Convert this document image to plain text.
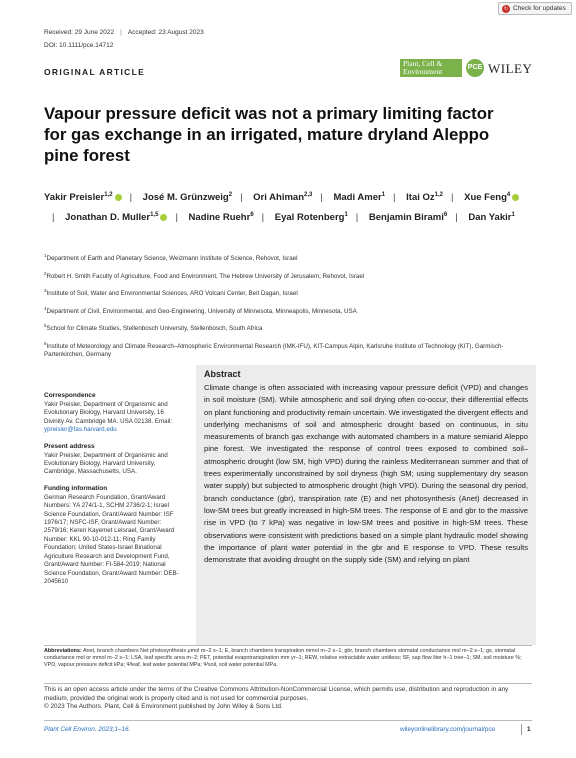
↻ Check for updates
Received: 29 June 2022 | Accepted: 23 August 2023
DOI: 10.1111/pce.14712
ORIGINAL ARTICLE
Plant, Cell &
Environment	PCE WILEY
Vapour pressure deficit was not a primary limiting factor for gas exchange in an irrigated, mature dryland Aleppo pine forest
Yakir Preisler$^{1,2}$ | José M. Grünzweig$^2$ | Ori Ahiman$^{2,3}$ | Madi Amer$^1$ | Itai Oz$^{1,2}$ | Xue Feng$^4$| Jonathan D. Muller$^{1,5}$ | Nadine Ruehr$^6$ | Eyal Rotenberg$^1$ | Benjamin Birami$^6$ | Dan Yakir$^1$
$^1$Department of Earth and Planetary Science, Weizmann Institute of Science, Rehovot, Israel
$^2$Robert H. Smith Faculty of Agriculture, Food and Environment, The Hebrew University of Jerusalem, Rehovot, Israel
$^3$Institute of Soil, Water and Environmental Sciences, ARO Volcani Center, Beit Dagan, Israel
$^4$Department of Civil, Environmental, and Geo-Engineering, University of Minnesota, Minneapolis, Minnesota, USA
$^5$School for Climate Studies, Stellenbosch University, Stellenbosch, South Africa
$^6$Institute of Meteorology and Climate Research–Atmospheric Environmental Research (IMK-IFU), KIT-Campus Alpin, Karlsruhe Institute of Technology (KIT), Garmisch-Partenkirchen, Germany
Correspondence
Yakir Preisler, Department of Organismic and Evolutionary Biology, Harvard University, 16 Divinity Av. Cambridge MA. USA 02138. Email: ypreisler@fas.harvard.edu
Present address
Yakir Preisler, Department of Organismic and Evolutionary Biology, Harvard University, Cambridge, Massachusetts, USA.
Funding information
German Research Foundation, Grant/Award Numbers: YA 274/1-1, SCHM 2736/2-1; Israel Science Foundation, Grant/Award Number: ISF 1976/17; NSFC-ISF, Grant/Award Number: 2579/16; Keren Kayemet LeIsrael, Grant/Award Number: KKL 90-10-012-11; Ring Family Foundation; United States-Israel Binational Agriculture Research and Development Fund, Grant/Award Number: FI-584-2019; National Science Foundation, Grant/Award Number: DEB-2045610
Abstract
Climate change is often associated with increasing vapour pressure deficit (VPD) and changes in soil moisture (SM). While atmospheric and soil drying often co-occur, their differential effects on plant functioning and productivity remain uncertain. We investigated the divergent effects and underlying mechanisms of soil and atmospheric drought based on continuous, in situ measurements of branch gas exchange with automated chambers in a mature semiarid Aleppo pine forest. We investigated the response of control trees exposed to combined soil–atmospheric drought (low SM, high VPD) during the rainless Mediterranean summer and that of trees experimentally unconstrained by soil dryness (high SM; using supplementary dry season water supply) but subjected to atmospheric drought (high VPD). During the seasonal dry period, branch conductance (gbr), transpiration rate (E) and net photosynthesis (Anet) decreased in low-SM trees but greatly increased in high-SM trees. The response of E and gbr to the massive rise in VPD (to 7 kPa) was negative in low-SM trees and positive in high-SM trees. These observations were consistent with predictions based on a simple plant hydraulic model showing the importance of plant water potential in the gbr and E response to VPD. These results demonstrate that avoiding drought on the supply side (SM) and relying on plant
Abbreviations: Anet, branch chambers Net photosynthesis μmol m−2 s−1; E, branch chambers transpiration mmol m−2 s−1; gbr, branch chambers stomatal conductance mol m−2 s−1; gs, stomatal conductance mol or mmol m−2 s−1; LSA, leaf specific area m−2; PET, potential evapotranspiration mm yr−1; REW, relative extractable water unitless; SF, sap flow liter h−1 tree−1; SM, soil moisture %; VPD, vapour pressure deficit kPa; Ψleaf, leaf water potential MPa; Ψsoil, soil water potential MPa.
This is an open access article under the terms of the Creative Commons Attribution-NonCommercial License, which permits use, distribution and reproduction in any medium, provided the original work is properly cited and is not used for commercial purposes.
© 2023 The Authors. Plant, Cell & Environment published by John Wiley & Sons Ltd.
Plant Cell Environ. 2023;1–16.	wileyonlinelibrary.com/journal/pce	1
